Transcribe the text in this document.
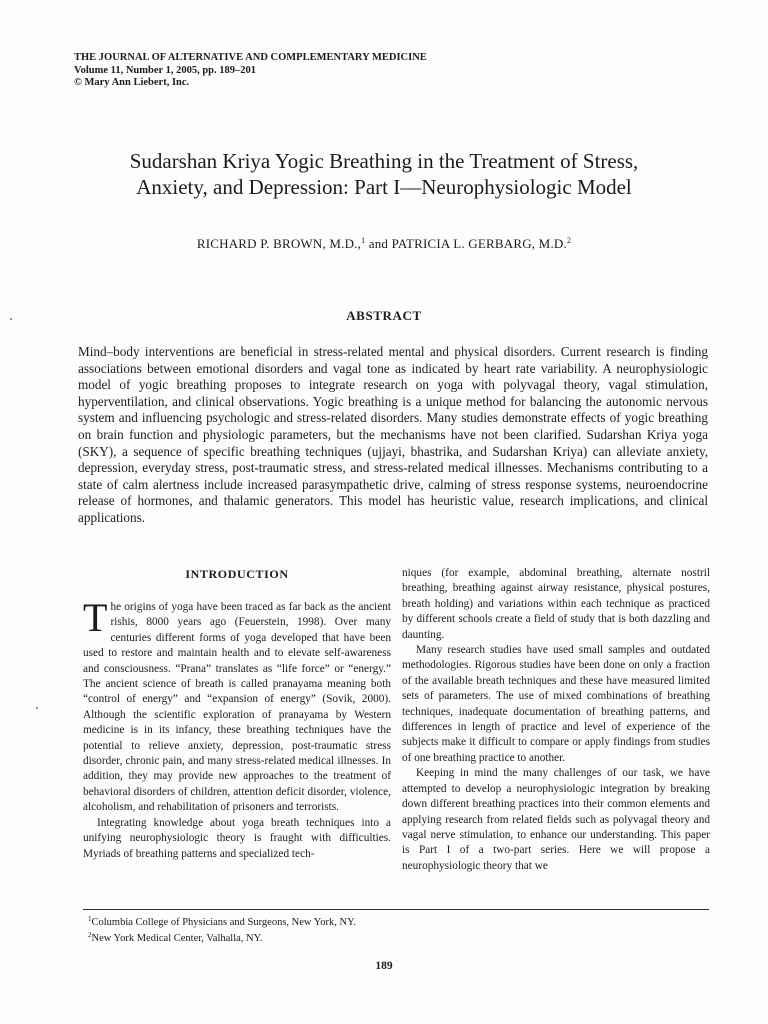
THE JOURNAL OF ALTERNATIVE AND COMPLEMENTARY MEDICINE
Volume 11, Number 1, 2005, pp. 189–201
© Mary Ann Liebert, Inc.
Sudarshan Kriya Yogic Breathing in the Treatment of Stress,
Anxiety, and Depression: Part I—Neurophysiologic Model
RICHARD P. BROWN, M.D.,$^1$ and PATRICIA L. GERBARG, M.D.$^2$
ABSTRACT
Mind–body interventions are beneficial in stress-related mental and physical disorders. Current research is finding associations between emotional disorders and vagal tone as indicated by heart rate variability. A neurophysiologic model of yogic breathing proposes to integrate research on yoga with polyvagal theory, vagal stimulation, hyperventilation, and clinical observations. Yogic breathing is a unique method for balancing the autonomic nervous system and influencing psychologic and stress-related disorders. Many studies demonstrate effects of yogic breathing on brain function and physiologic parameters, but the mechanisms have not been clarified. Sudarshan Kriya yoga (SKY), a sequence of specific breathing techniques (ujjayi, bhastrika, and Sudarshan Kriya) can alleviate anxiety, depression, everyday stress, post-traumatic stress, and stress-related medical illnesses. Mechanisms contributing to a state of calm alertness include increased parasympathetic drive, calming of stress response systems, neuroendocrine release of hormones, and thalamic generators. This model has heuristic value, research implications, and clinical applications.
INTRODUCTION

The origins of yoga have been traced as far back as the ancient rishis, 8000 years ago (Feuerstein, 1998). Over many centuries different forms of yoga developed that have been used to restore and maintain health and to elevate self-awareness and consciousness. “Prana” translates as “life force” or “energy.” The ancient science of breath is called pranayama meaning both “control of energy” and “expansion of energy” (Sovik, 2000). Although the scientific exploration of pranayama by Western medicine is in its infancy, these breathing techniques have the potential to relieve anxiety, depression, post-traumatic stress disorder, chronic pain, and many stress-related medical illnesses. In addition, they may provide new approaches to the treatment of behavioral disorders of children, attention deficit disorder, violence, alcoholism, and rehabilitation of prisoners and terrorists.

Integrating knowledge about yoga breath techniques into a unifying neurophysiologic theory is fraught with difficulties. Myriads of breathing patterns and specialized tech-

niques (for example, abdominal breathing, alternate nostril breathing, breathing against airway resistance, physical postures, breath holding) and variations within each technique as practiced by different schools create a field of study that is both dazzling and daunting.

Many research studies have used small samples and outdated methodologies. Rigorous studies have been done on only a fraction of the available breath techniques and these have measured limited sets of parameters. The use of mixed combinations of breathing techniques, inadequate documentation of breathing patterns, and differences in length of practice and level of experience of the subjects make it difficult to compare or apply findings from studies of one breathing practice to another.

Keeping in mind the many challenges of our task, we have attempted to develop a neurophysiologic integration by breaking down different breathing practices into their common elements and applying research from related fields such as polyvagal theory and vagal nerve stimulation, to enhance our understanding. This paper is Part I of a two-part series. Here we will propose a neurophysiologic theory that we

$^1$Columbia College of Physicians and Surgeons, New York, NY.
$^2$New York Medical Center, Valhalla, NY.
189
